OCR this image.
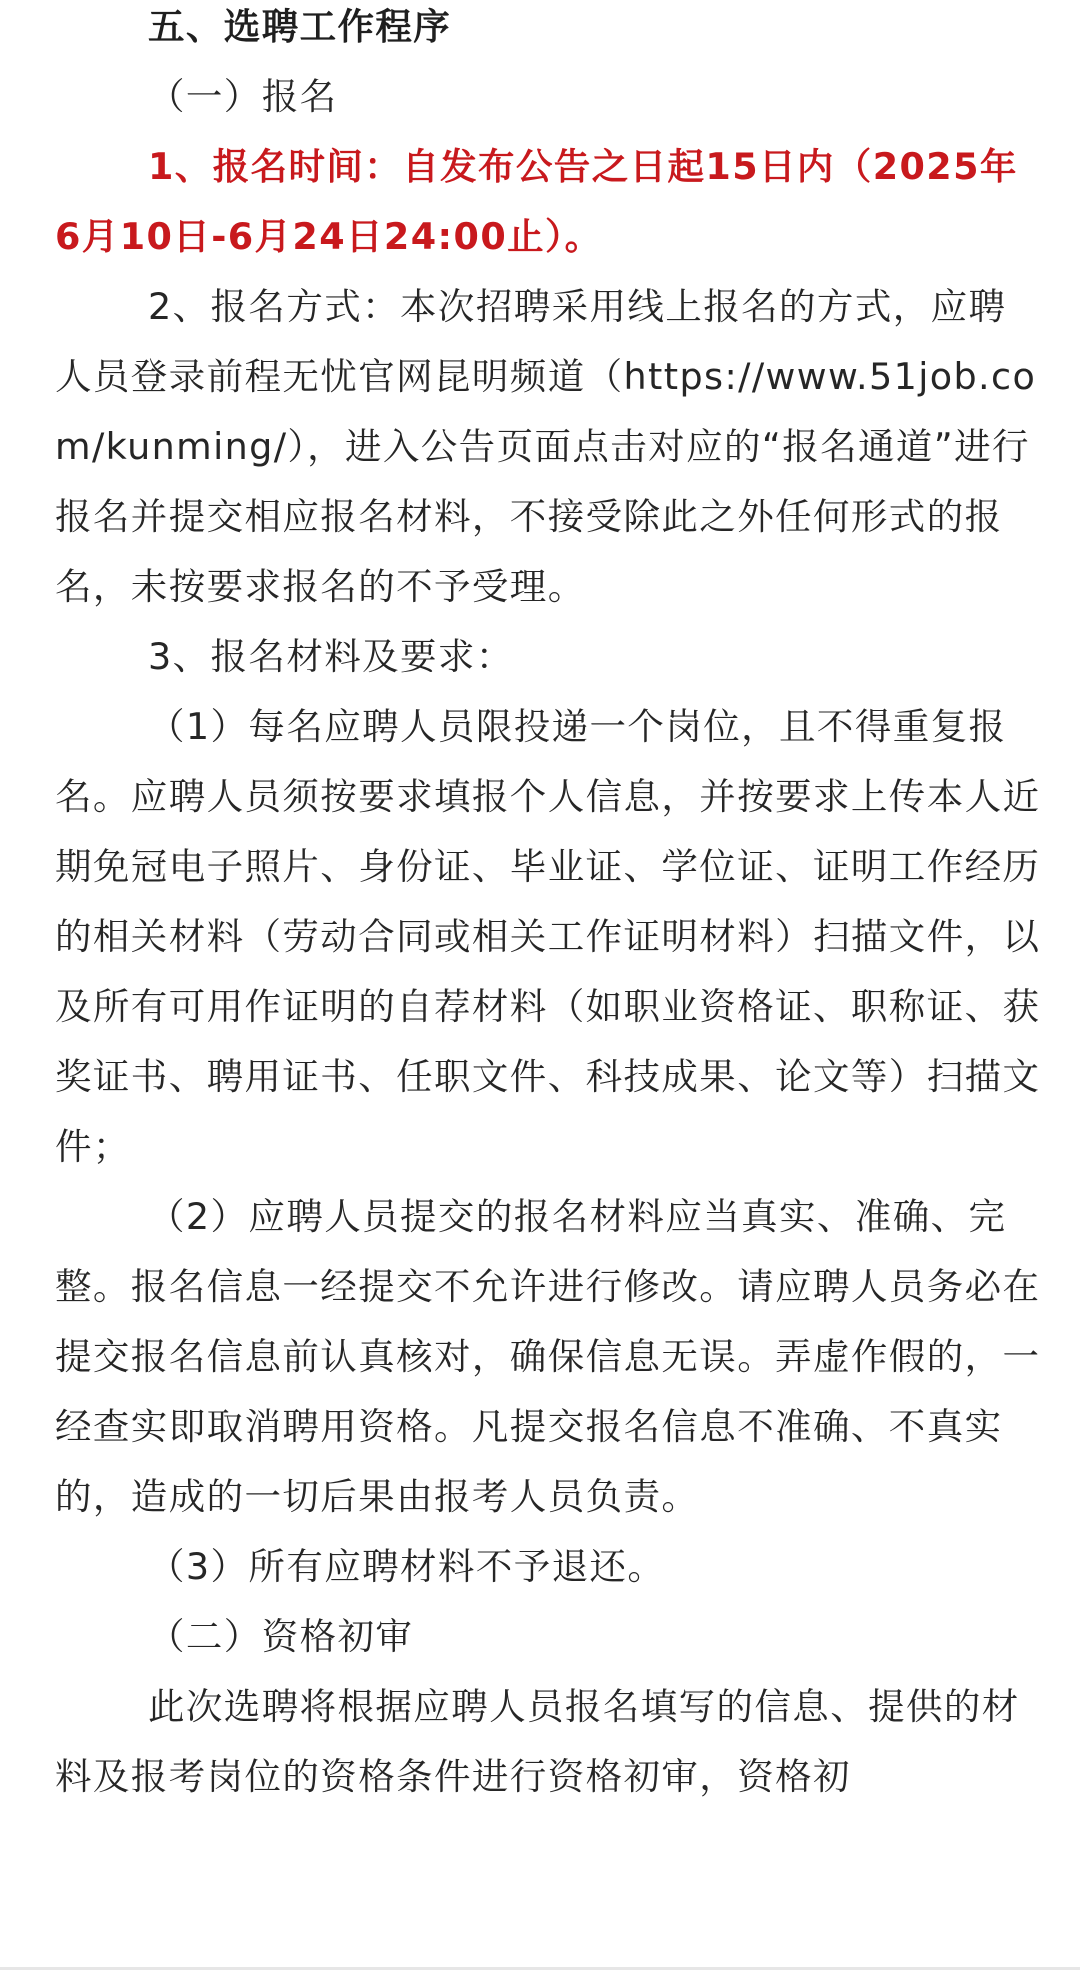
五、选聘工作程序

（一）报名

1、报名时间：自发布公告之日起15日内（2025年6月10日-6月24日24:00止）。

2、报名方式：本次招聘采用线上报名的方式，应聘人员登录前程无忧官网昆明频道（https://www.51job.com/kunming/），进入公告页面点击对应的“报名通道”进行报名并提交相应报名材料，不接受除此之外任何形式的报名，未按要求报名的不予受理。

3、报名材料及要求：

（1）每名应聘人员限投递一个岗位，且不得重复报名。应聘人员须按要求填报个人信息，并按要求上传本人近期免冠电子照片、身份证、毕业证、学位证、证明工作经历的相关材料（劳动合同或相关工作证明材料）扫描文件，以及所有可用作证明的自荐材料（如职业资格证、职称证、获奖证书、聘用证书、任职文件、科技成果、论文等）扫描文件；

（2）应聘人员提交的报名材料应当真实、准确、完整。报名信息一经提交不允许进行修改。请应聘人员务必在提交报名信息前认真核对，确保信息无误。弄虚作假的，一经查实即取消聘用资格。凡提交报名信息不准确、不真实的，造成的一切后果由报考人员负责。

（3）所有应聘材料不予退还。

（二）资格初审

此次选聘将根据应聘人员报名填写的信息、提供的材料及报考岗位的资格条件进行资格初审，资格初
